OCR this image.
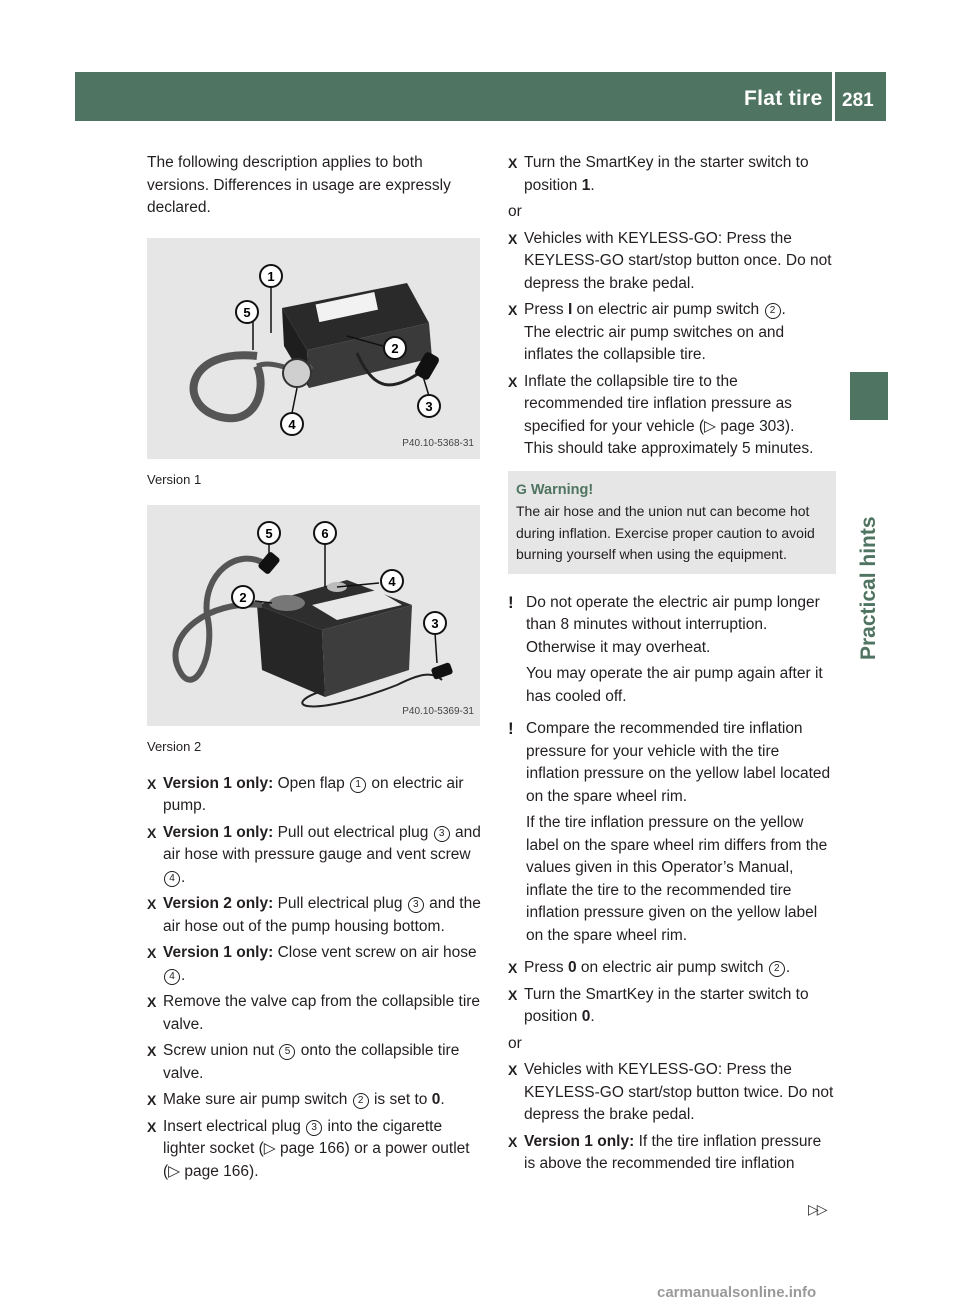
Flat tire 281
Practical hints

The following description applies to both versions. Differences in usage are expressly declared.

1
2
3
4
5
P40.10-5368-31

Version 1

5	6
2
4
3
P40.10-5369-31

Version 2

X Version 1 only: Open flap 1 on electric air pump.
X Version 1 only: Pull out electrical plug 3 and air hose with pressure gauge and vent screw 4 .
X Version 2 only: Pull electrical plug 3 and the air hose out of the pump housing bottom.
X Version 1 only: Close vent screw on air hose 4 .
X Remove the valve cap from the collapsible tire valve.
X Screw union nut 5 onto the collapsible tire valve.
X Make sure air pump switch 2 is set to 0.
X Insert electrical plug 3 into the cigarette lighter socket (▷ page 166) or a power outlet (▷ page 166).
X Turn the SmartKey in the starter switch to position 1.

or

X Vehicles with KEYLESS-GO: Press the KEYLESS-GO start/stop button once. Do not depress the brake pedal.
X Press I on electric air pump switch 2 .

The electric air pump switches on and inflates the collapsible tire.

X Inflate the collapsible tire to the recommended tire inflation pressure as specified for your vehicle (▷ page 303).

This should take approximately 5 minutes.

G Warning!

The air hose and the union nut can become hot during inflation. Exercise proper caution to avoid burning yourself when using the equipment.

! Do not operate the electric air pump longer than 8 minutes without interruption. Otherwise it may overheat.

You may operate the air pump again after it has cooled off.

! Compare the recommended tire inflation pressure for your vehicle with the tire inflation pressure on the yellow label located on the spare wheel rim.

If the tire inflation pressure on the yellow label on the spare wheel rim differs from the values given in this Operator’s Manual, inflate the tire to the recommended tire inflation pressure given on the yellow label on the spare wheel rim.

X Press 0 on electric air pump switch 2 .
X Turn the SmartKey in the starter switch to position 0.

or

X Vehicles with KEYLESS-GO: Press the KEYLESS-GO start/stop button twice. Do not depress the brake pedal.
X Version 1 only: If the tire inflation pressure is above the recommended tire inflation
▷▷
carmanualsonline.info
